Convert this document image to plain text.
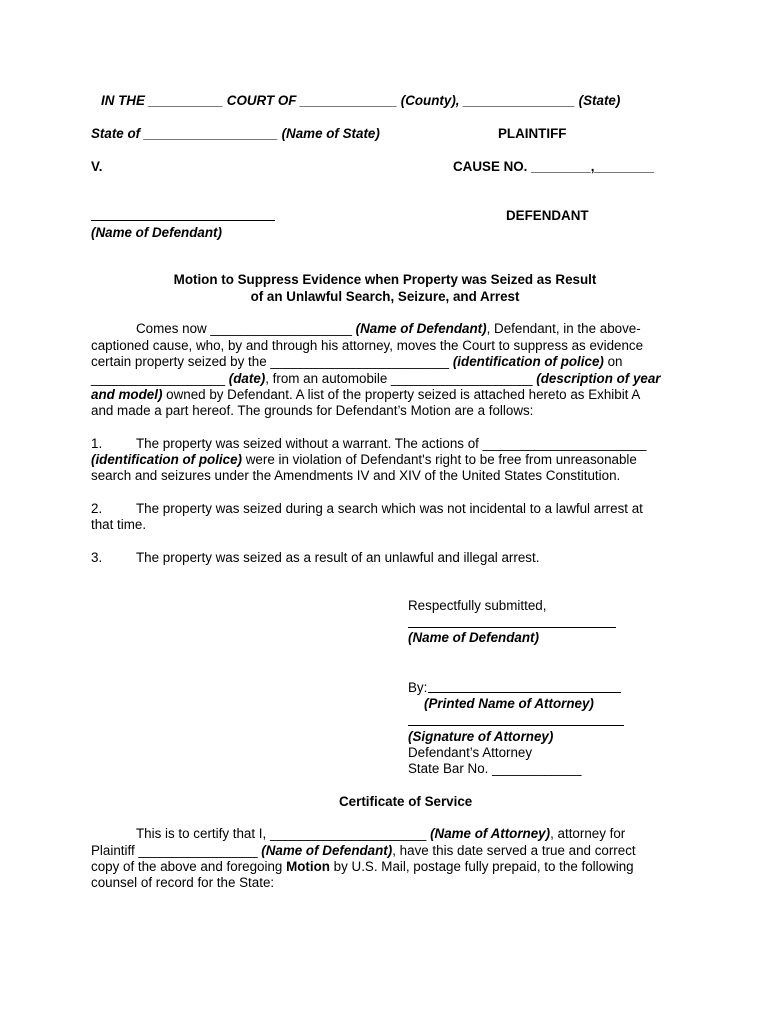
IN THE __________ COURT OF _____________ (County), _______________ (State)
State of __________________ (Name of State)	PLAINTIFF
V.	CAUSE NO. ________,________
DEFENDANT
(Name of Defendant)
Motion to Suppress Evidence when Property was Seized as Result
of an Unlawful Search, Seizure, and Arrest
Comes now ___________________ (Name of Defendant), Defendant, in the above-
captioned cause, who, by and through his attorney, moves the Court to suppress as evidence
certain property seized by the ________________________ (identification of police) on
__________________ (date), from an automobile ___________________ (description of year
and model) owned by Defendant. A list of the property seized is attached hereto as Exhibit A
and made a part hereof. The grounds for Defendant’s Motion are a follows:
1.	The property was seized without a warrant. The actions of ______________________
(identification of police) were in violation of Defendant's right to be free from unreasonable
search and seizures under the Amendments IV and XIV of the United States Constitution.
2.	The property was seized during a search which was not incidental to a lawful arrest at
that time.
3.	The property was seized as a result of an unlawful and illegal arrest.
Respectfully submitted,
(Name of Defendant)
By:
(Printed Name of Attorney)
(Signature of Attorney)
Defendant’s Attorney
State Bar No. ____________
Certificate of Service
This is to certify that I, _____________________ (Name of Attorney), attorney for
Plaintiff ________________ (Name of Defendant), have this date served a true and correct
copy of the above and foregoing Motion by U.S. Mail, postage fully prepaid, to the following
counsel of record for the State:
